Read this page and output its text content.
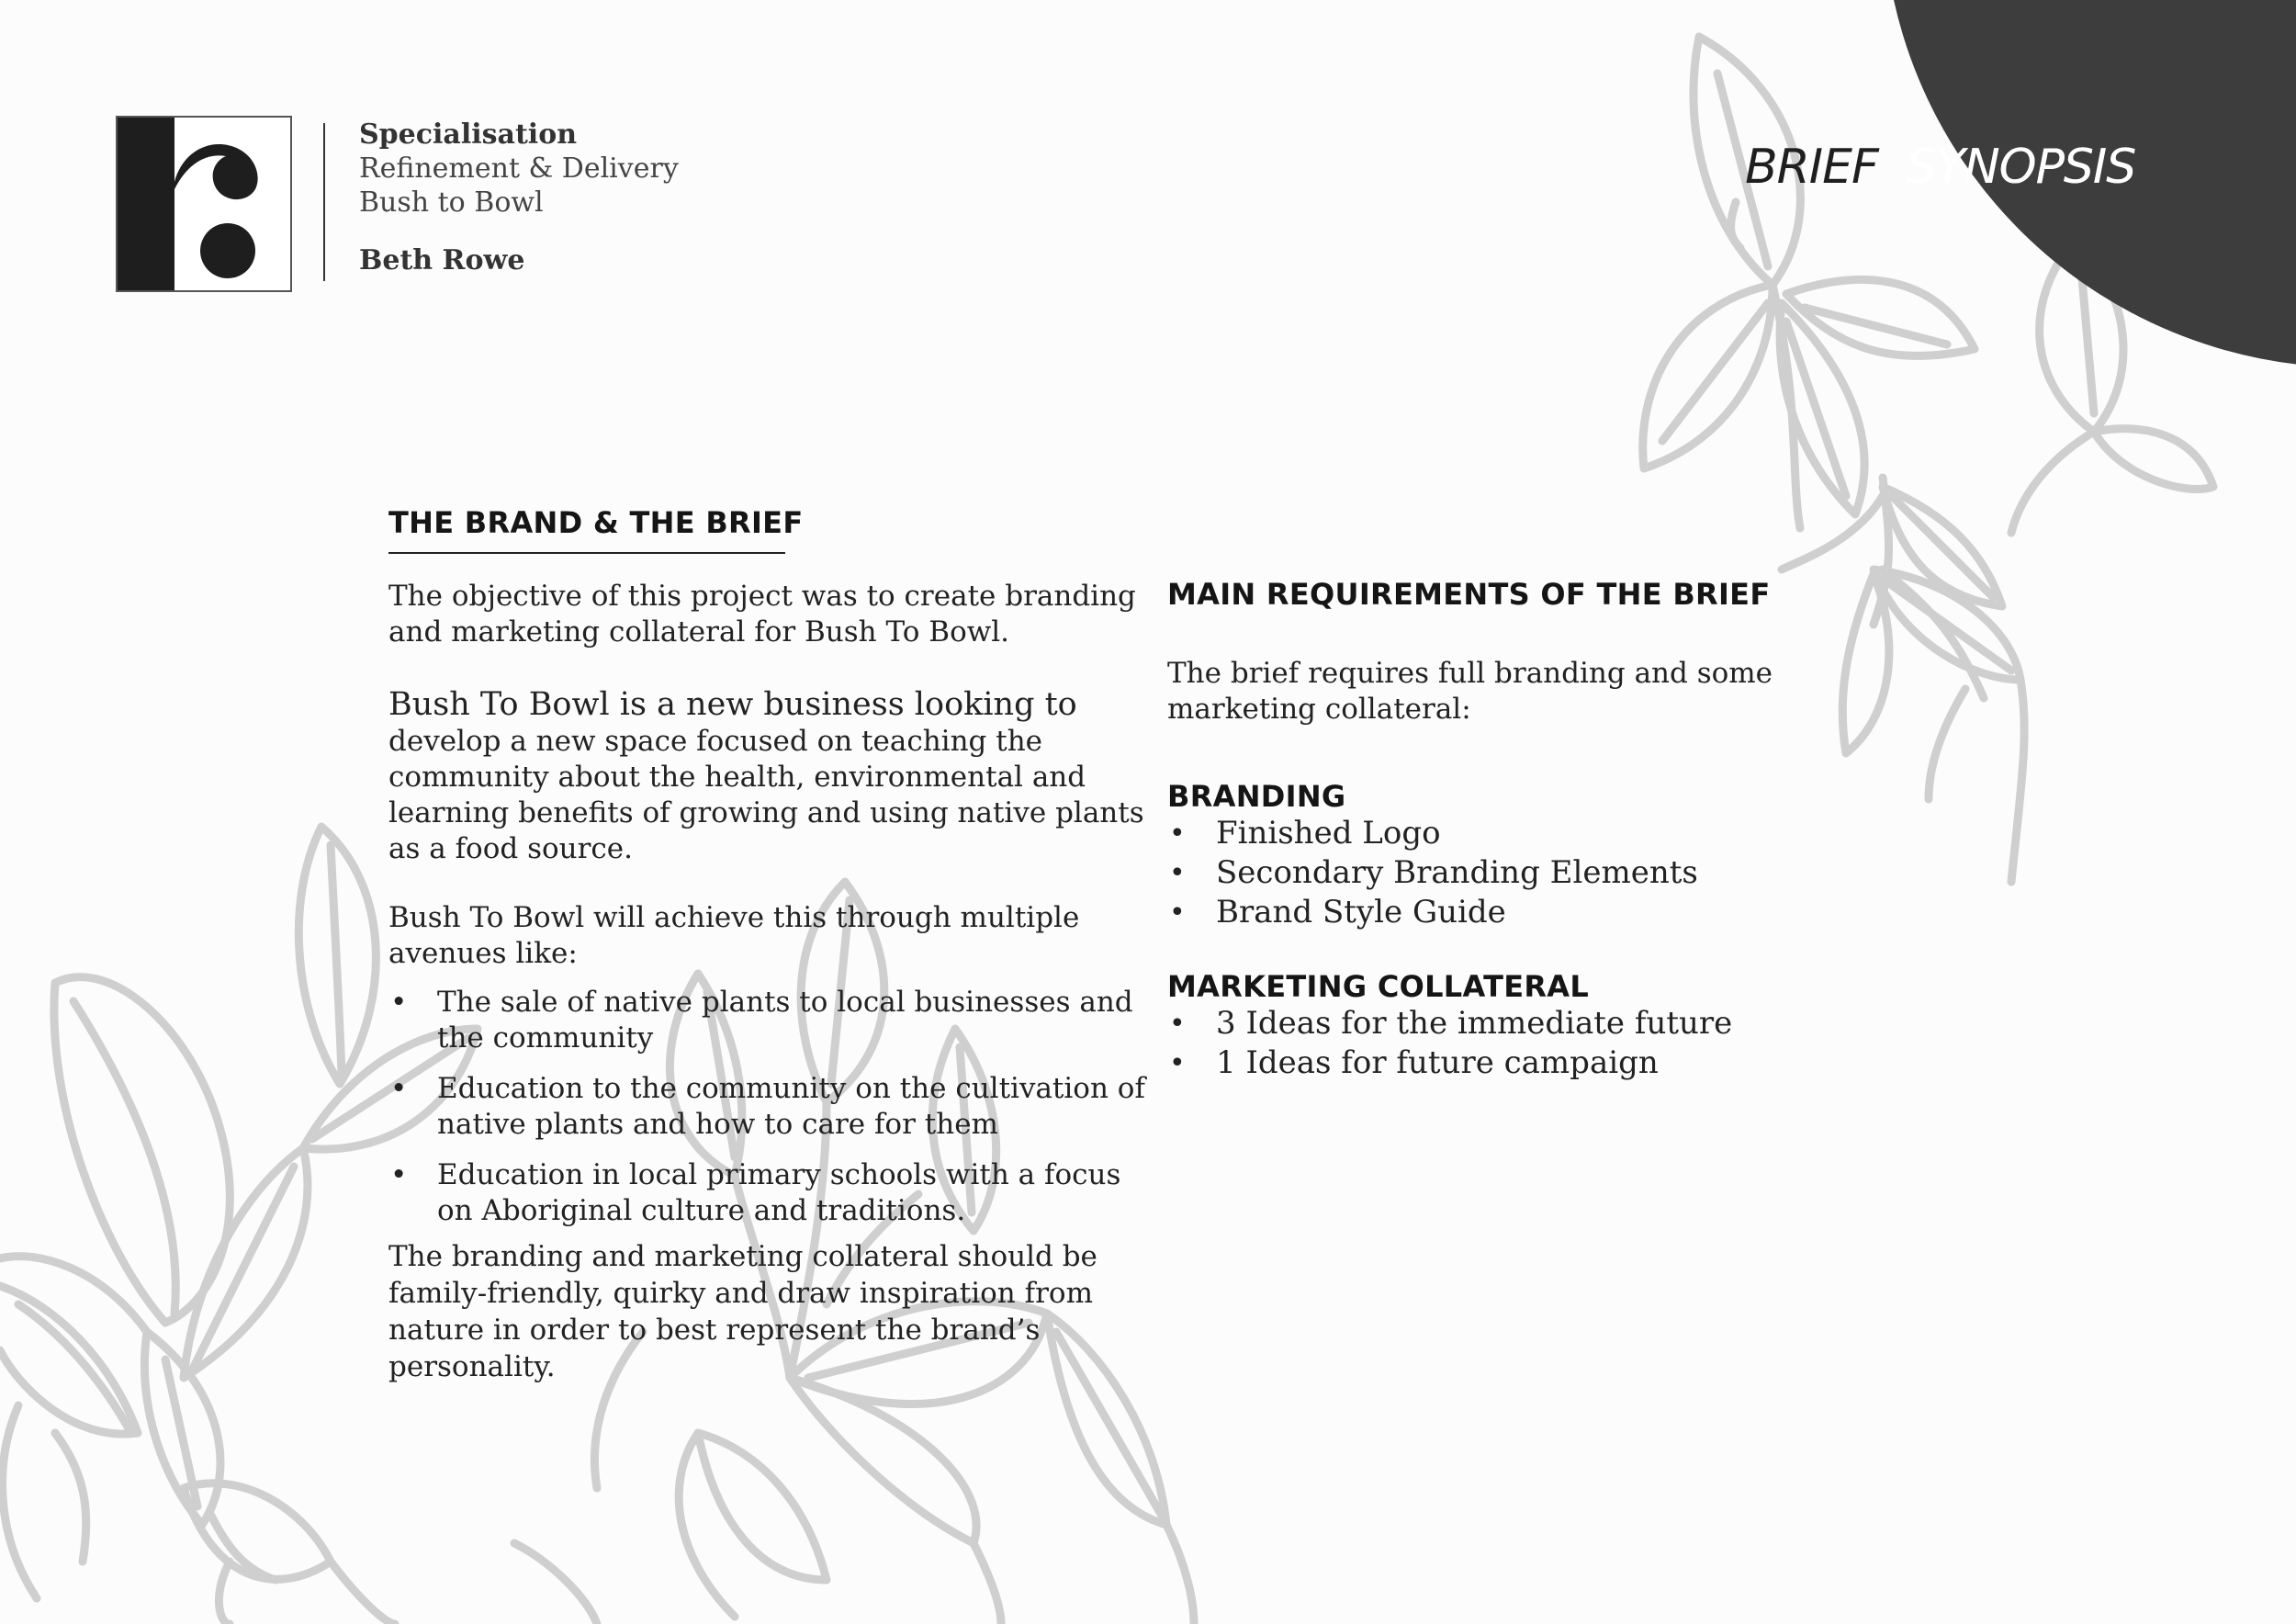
BRIEF  SYNOPSIS
Specialisation
Refinement & Delivery
Bush to Bowl
Beth Rowe
THE BRAND & THE BRIEF

The objective of this project was to create branding and marketing collateral for Bush To Bowl.

Bush To Bowl is a new business looking to develop a new space focused on teaching the community about the health, environmental and learning benefits of growing and using native plants as a food source.

Bush To Bowl will achieve this through multiple avenues like:

• The sale of native plants to local businesses and the community
• Education to the community on the cultivation of native plants and how to care for them
• Education in local primary schools with a focus on Aboriginal culture and traditions.

The branding and marketing collateral should be family-friendly, quirky and draw inspiration from nature in order to best represent the brand’s personality.

MAIN REQUIREMENTS OF THE BRIEF

The brief requires full branding and some marketing collateral:

BRANDING
• Finished Logo
• Secondary Branding Elements
• Brand Style Guide
MARKETING COLLATERAL
• 3 Ideas for the immediate future
• 1 Ideas for future campaign
